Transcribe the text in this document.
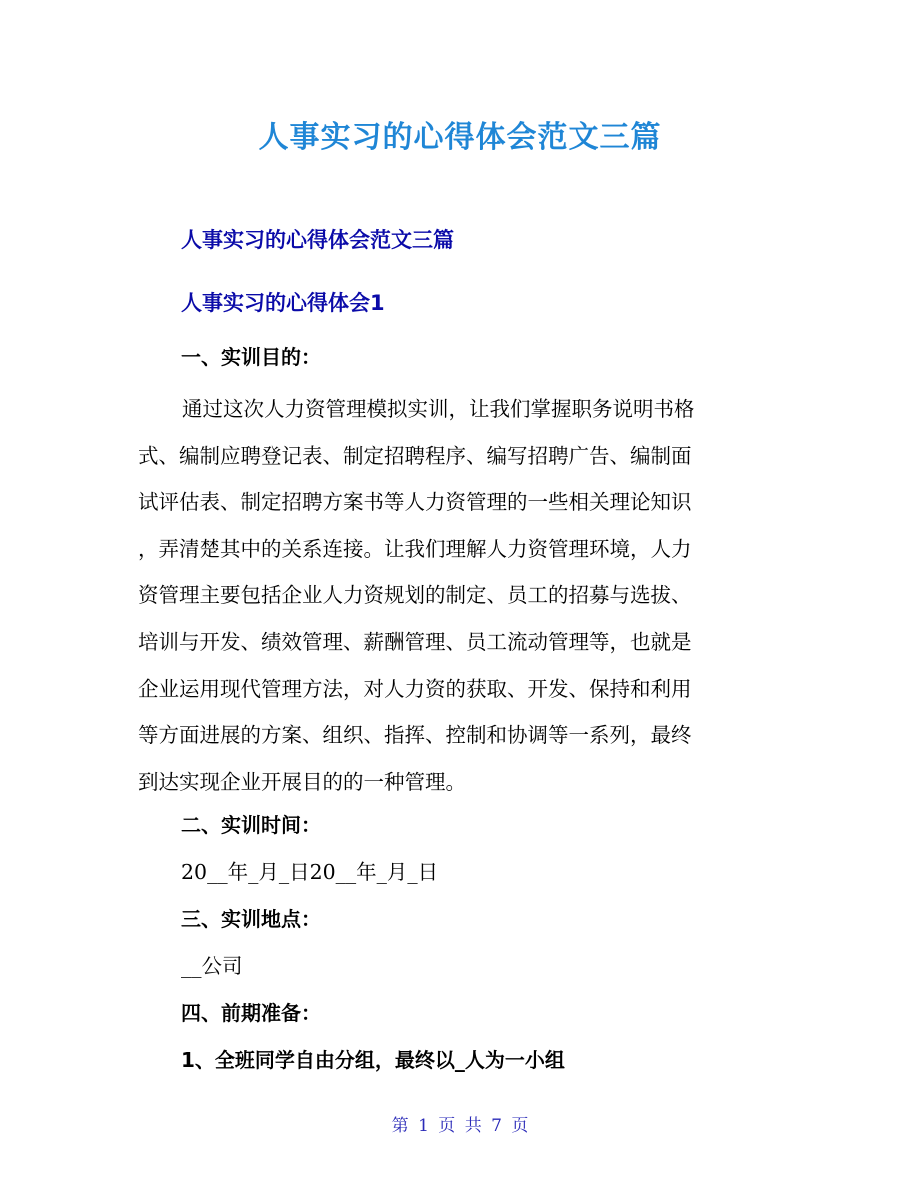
人事实习的心得体会范文三篇
人事实习的心得体会范文三篇
人事实习的心得体会1
一、实训目的：
通过这次人力资管理模拟实训，让我们掌握职务说明书格
式、编制应聘登记表、制定招聘程序、编写招聘广告、编制面
试评估表、制定招聘方案书等人力资管理的一些相关理论知识
，弄清楚其中的关系连接。让我们理解人力资管理环境，人力
资管理主要包括企业人力资规划的制定、员工的招募与选拔、
培训与开发、绩效管理、薪酬管理、员工流动管理等，也就是
企业运用现代管理方法，对人力资的获取、开发、保持和利用
等方面进展的方案、组织、指挥、控制和协调等一系列，最终
到达实现企业开展目的的一种管理。
二、实训时间：
20__年_月_日20__年_月_日
三、实训地点：
__公司
四、前期准备：
1、全班同学自由分组，最终以_人为一小组
第 1 页 共 7 页
